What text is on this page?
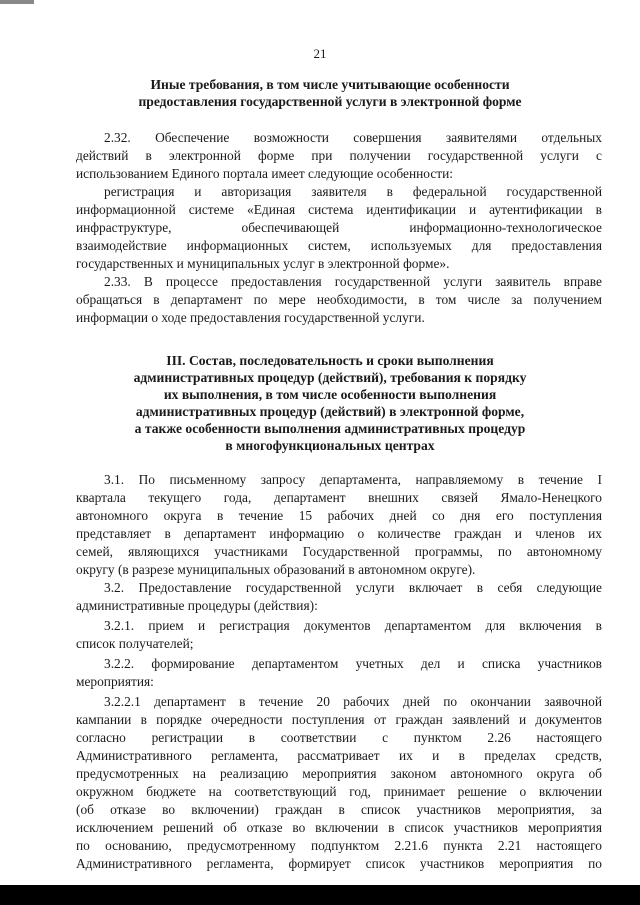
21
Иные требования, в том числе учитывающие особенности
предоставления государственной услуги в электронной форме
2.32. Обеспечение возможности совершения заявителями отдельных
действий в электронной форме при получении государственной услуги с
использованием Единого портала имеет следующие особенности:
регистрация и авторизация заявителя в федеральной государственной
информационной системе «Единая система идентификации и аутентификации в
инфраструктуре, обеспечивающей информационно-технологическое
взаимодействие информационных систем, используемых для предоставления
государственных и муниципальных услуг в электронной форме».
2.33. В процессе предоставления государственной услуги заявитель вправе
обращаться в департамент по мере необходимости, в том числе за получением
информации о ходе предоставления государственной услуги.
III. Состав, последовательность и сроки выполнения
административных процедур (действий), требования к порядку
их выполнения, в том числе особенности выполнения
административных процедур (действий) в электронной форме,
а также особенности выполнения административных процедур
в многофункциональных центрах
3.1. По письменному запросу департамента, направляемому в течение I
квартала текущего года, департамент внешних связей Ямало-Ненецкого
автономного округа в течение 15 рабочих дней со дня его поступления
представляет в департамент информацию о количестве граждан и членов их
семей, являющихся участниками Государственной программы, по автономному
округу (в разрезе муниципальных образований в автономном округе).
3.2. Предоставление государственной услуги включает в себя следующие
административные процедуры (действия):
3.2.1. прием и регистрация документов департаментом для включения в
список получателей;
3.2.2. формирование департаментом учетных дел и списка участников
мероприятия:
3.2.2.1 департамент в течение 20 рабочих дней по окончании заявочной
кампании в порядке очередности поступления от граждан заявлений и документов
согласно регистрации в соответствии с пунктом 2.26 настоящего
Административного регламента, рассматривает их и в пределах средств,
предусмотренных на реализацию мероприятия законом автономного округа об
окружном бюджете на соответствующий год, принимает решение о включении
(об отказе во включении) граждан в список участников мероприятия, за
исключением решений об отказе во включении в список участников мероприятия
по основанию, предусмотренному подпунктом 2.21.6 пункта 2.21 настоящего
Административного регламента, формирует список участников мероприятия по
